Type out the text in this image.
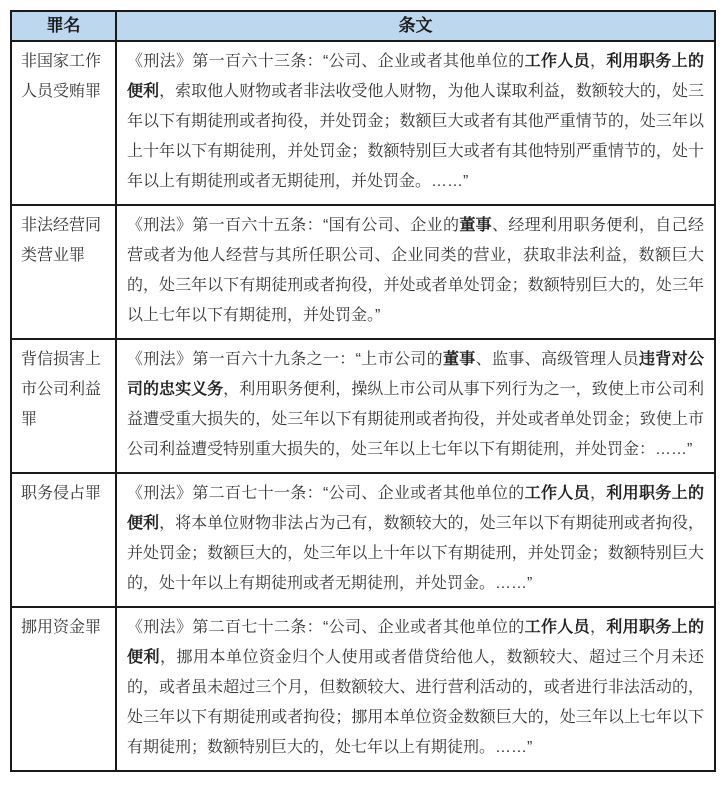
罪名	条文
非国家工作人员受贿罪	《刑法》第一百六十三条：“公司、企业或者其他单位的工作人员，利用职务上的便利，索取他人财物或者非法收受他人财物，为他人谋取利益，数额较大的，处三年以下有期徒刑或者拘役，并处罚金；数额巨大或者有其他严重情节的，处三年以上十年以下有期徒刑，并处罚金；数额特别巨大或者有其他特别严重情节的，处十年以上有期徒刑或者无期徒刑，并处罚金。……”
非法经营同类营业罪	《刑法》第一百六十五条：“国有公司、企业的董事、经理利用职务便利，自己经营或者为他人经营与其所任职公司、企业同类的营业，获取非法利益，数额巨大的，处三年以下有期徒刑或者拘役，并处或者单处罚金；数额特别巨大的，处三年以上七年以下有期徒刑，并处罚金。”
背信损害上市公司利益罪	《刑法》第一百六十九条之一：“上市公司的董事、监事、高级管理人员违背对公司的忠实义务，利用职务便利，操纵上市公司从事下列行为之一，致使上市公司利益遭受重大损失的，处三年以下有期徒刑或者拘役，并处或者单处罚金；致使上市公司利益遭受特别重大损失的，处三年以上七年以下有期徒刑，并处罚金：……”
职务侵占罪	《刑法》第二百七十一条：“公司、企业或者其他单位的工作人员，利用职务上的便利，将本单位财物非法占为己有，数额较大的，处三年以下有期徒刑或者拘役，并处罚金；数额巨大的，处三年以上十年以下有期徒刑，并处罚金；数额特别巨大的，处十年以上有期徒刑或者无期徒刑，并处罚金。……”
挪用资金罪	《刑法》第二百七十二条：“公司、企业或者其他单位的工作人员，利用职务上的便利，挪用本单位资金归个人使用或者借贷给他人，数额较大、超过三个月未还的，或者虽未超过三个月，但数额较大、进行营利活动的，或者进行非法活动的，处三年以下有期徒刑或者拘役；挪用本单位资金数额巨大的，处三年以上七年以下有期徒刑；数额特别巨大的，处七年以上有期徒刑。……”
